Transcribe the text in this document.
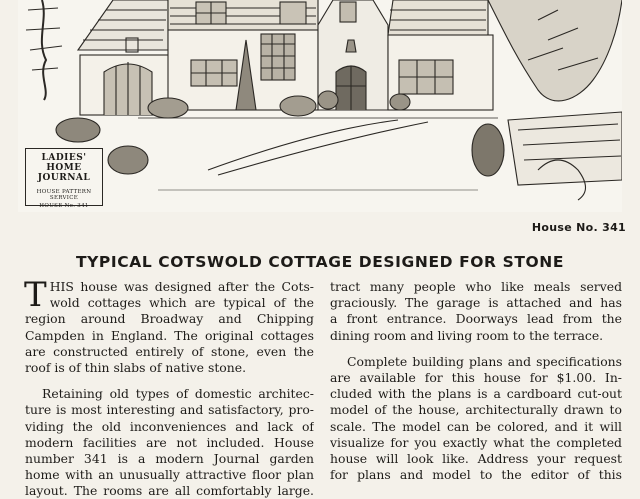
LADIES' HOME
JOURNAL
HOUSE PATTERN SERVICE
HOUSE No. 341
House No. 341
TYPICAL COTSWOLD COTTAGE DESIGNED FOR STONE

T HIS house was designed after the Cots-
wold cottages which are typical of the
region around Broadway and Chipping
Campden in England. The original cottages
are constructed entirely of stone, even the
roof is of thin slabs of native stone.

Retaining old types of domestic architec-
ture is most interesting and satisfactory, pro-
viding the old inconveniences and lack of
modern facilities are not included. House
number 341 is a modern Journal garden
home with an unusually attractive floor plan
layout. The rooms are all comfortably large.

tract many people who like meals served
graciously. The garage is attached and has
a front entrance. Doorways lead from the
dining room and living room to the terrace.

Complete building plans and specifications
are available for this house for $1.00. In-
cluded with the plans is a cardboard cut-out
model of the house, architecturally drawn to
scale. The model can be colored, and it will
visualize for you exactly what the completed
house will look like. Address your request
for plans and model to the editor of this
